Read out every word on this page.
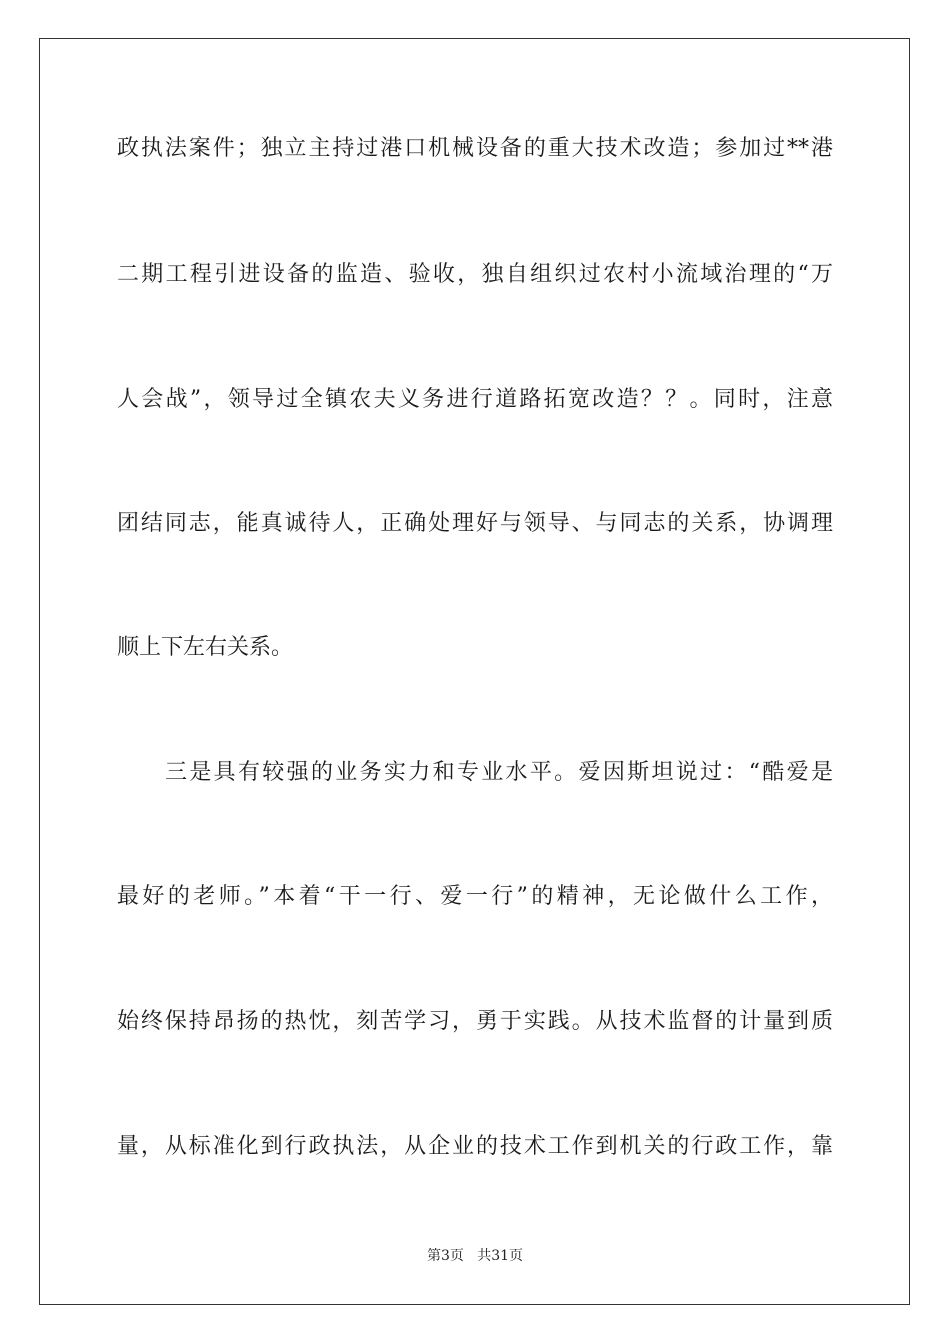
政执法案件；独立主持过港口机械设备的重大技术改造；参加过**港
二期工程引进设备的监造、验收，独自组织过农村小流域治理的“万
人会战”，领导过全镇农夫义务进行道路拓宽改造？？。同时，注意
团结同志，能真诚待人，正确处理好与领导、与同志的关系，协调理
顺上下左右关系。
三是具有较强的业务实力和专业水平。爱因斯坦说过：“酷爱是
最好的老师。”本着“干一行、爱一行”的精神，无论做什么工作，
始终保持昂扬的热忱，刻苦学习，勇于实践。从技术监督的计量到质
量，从标准化到行政执法，从企业的技术工作到机关的行政工作，靠
第3页   共31页
